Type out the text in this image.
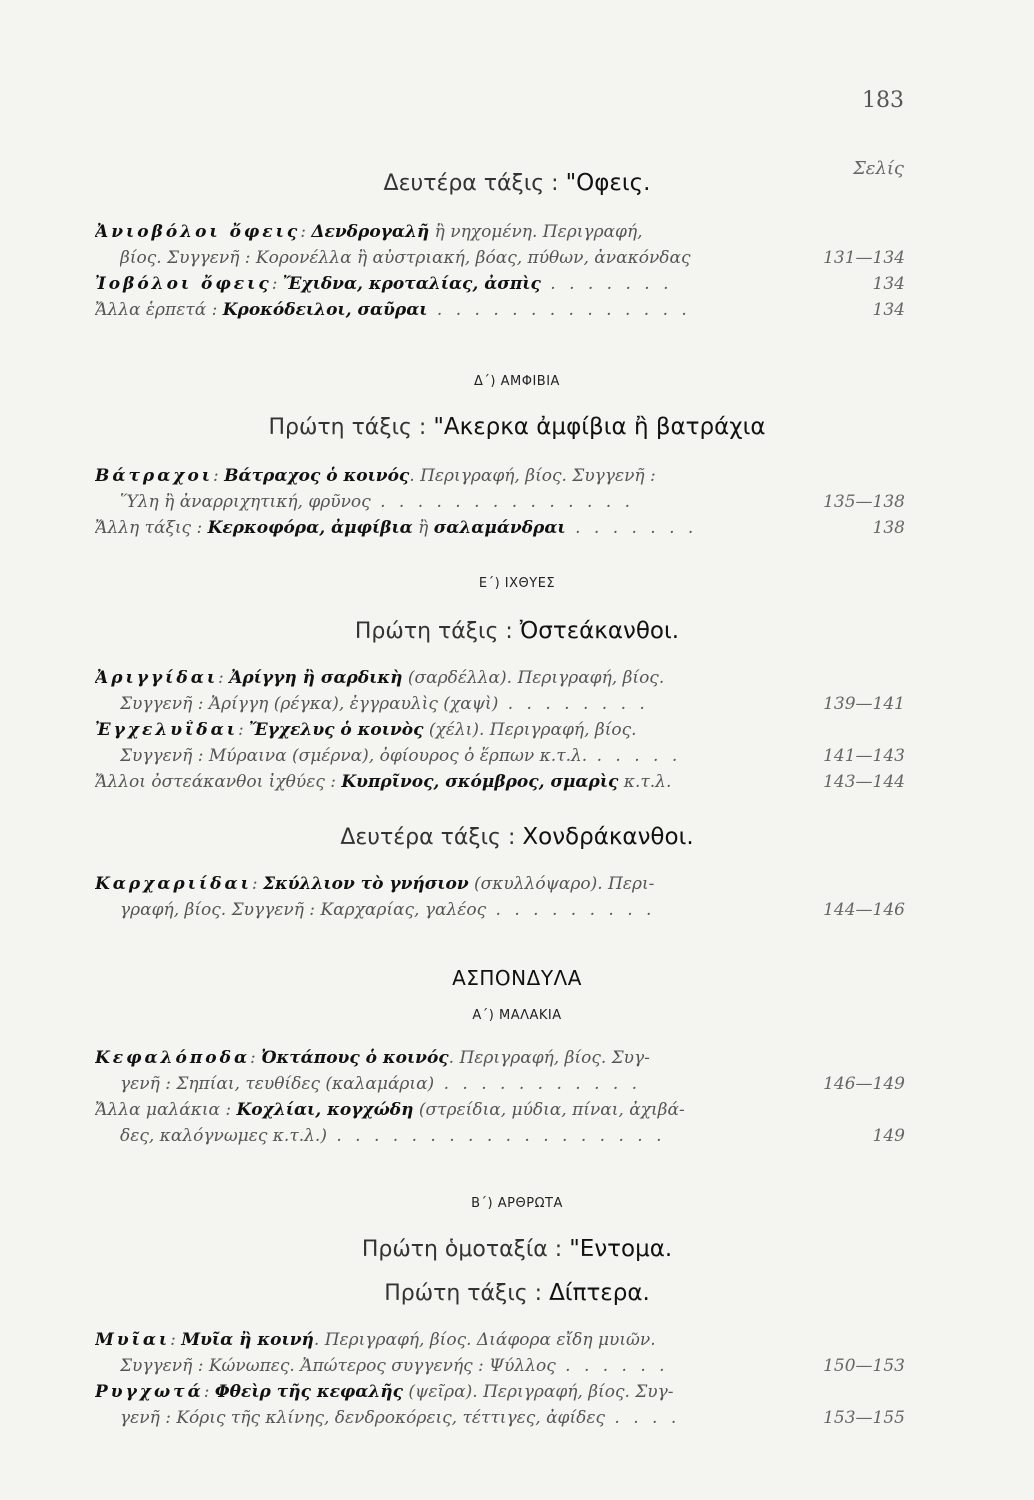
183
Σελίς
Δευτέρα τάξις : "Οφεις.
Ἀνιοβόλοι ὄφεις: Δενδρογαλῆ ἢ νηχομένη. Περιγραφή,
βίος. Συγγενῆ : Κορονέλλα ἢ αὐστριακή, βόας, πύθων, ἀνακόνδας	131—134
Ἰοβόλοι ὄφεις: Ἔχιδνα, κροταλίας, ἀσπὶς . . . . . . .	134
Ἄλλα ἑρπετά : Κροκόδειλοι, σαῦραι . . . . . . . . . . . . . .	134
Δ΄) ΑΜΦΙΒΙΑ
Πρώτη τάξις : "Ακερκα ἀμφίβια ἢ βατράχια
Βάτραχοι: Βάτραχος ὁ κοινός. Περιγραφή, βίος. Συγγενῆ :
Ὕλη ἢ ἀναρριχητική, φρῦνος . . . . . . . . . . . . . .	135—138
Ἄλλη τάξις : Κερκοφόρα, ἀμφίβια ἢ σαλαμάνδραι . . . . . . .	138
Ε΄) ΙΧΘΥΕΣ
Πρώτη τάξις : Ὀστεάκανθοι.
Ἀριγγίδαι: Ἀρίγγη ἢ σαρδικὴ (σαρδέλλα). Περιγραφή, βίος.
Συγγενῆ : Ἀρίγγη (ρέγκα), ἐγγραυλὶς (χαψὶ) . . . . . . . .	139—141
Ἐγχελυΐδαι: Ἔγχελυς ὁ κοινὸς (χέλι). Περιγραφή, βίος.
Συγγενῆ : Μύραινα (σμέρνα), ὀφίουρος ὁ ἕρπων κ.τ.λ. . . . . .	141—143
Ἄλλοι ὀστεάκανθοι ἰχθύες : Κυπρῖνος, σκόμβρος, σμαρὶς κ.τ.λ.	143—144
Δευτέρα τάξις : Χονδράκανθοι.
Καρχαριίδαι: Σκύλλιον τὸ γνήσιον (σκυλλόψαρο). Περι-
γραφή, βίος. Συγγενῆ : Καρχαρίας, γαλέος . . . . . . . . .	144—146
ΑΣΠΟΝΔΥΛΑ
Α΄) ΜΑΛΑΚΙΑ
Κεφαλόποδα: Ὀκτάπους ὁ κοινός. Περιγραφή, βίος. Συγ-
γενῆ : Σηπίαι, τευθίδες (καλαμάρια) . . . . . . . . . . .	146—149
Ἄλλα μαλάκια : Κοχλίαι, κογχώδη (στρείδια, μύδια, πίναι, ἀχιβά-
δες, καλόγνωμες κ.τ.λ.) . . . . . . . . . . . . . . . . . .	149
Β΄) ΑΡΘΡΩΤΑ
Πρώτη ὁμοταξία : "Εντομα.
Πρώτη τάξις : Δίπτερα.
Μυῖαι: Μυῖα ἢ κοινή. Περιγραφή, βίος. Διάφορα εἴδη μυιῶν.
Συγγενῆ : Κώνωπες. Ἀπώτερος συγγενής : Ψύλλος . . . . . .	150—153
Ρυγχωτά: Φθεὶρ τῆς κεφαλῆς (ψεῖρα). Περιγραφή, βίος. Συγ-
γενῆ : Κόρις τῆς κλίνης, δενδροκόρεις, τέττιγες, ἀφίδες . . . .	153—155
